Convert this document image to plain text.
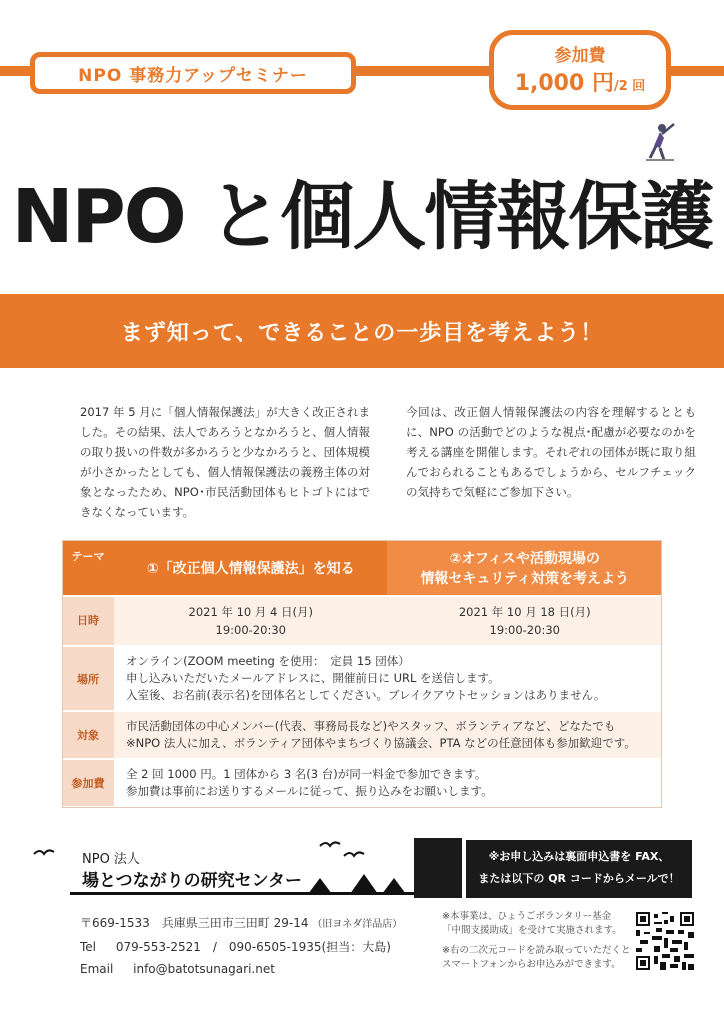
NPO 事務力アップセミナー
参加費
1,000 円/2 回
NPO と個人情報保護
まず知って、できることの一歩目を考えよう！

2017 年 5 月に「個人情報保護法」が大きく改正されました。その結果、法人であろうとなかろうと、個人情報の取り扱いの件数が多かろうと少なかろうと、団体規模が小さかったとしても、個人情報保護法の義務主体の対象となったため、NPO･市民活動団体もヒトゴトにはできなくなっています。

今回は、改正個人情報保護法の内容を理解するとともに、NPO の活動でどのような視点･配慮が必要なのかを考える講座を開催します。それぞれの団体が既に取り組んでおられることもあるでしょうから、セルフチェックの気持ちで気軽にご参加下さい。

テーマ	①「改正個人情報保護法」を知る	②オフィスや活動現場の
情報セキュリティ対策を考えよう
日時	2021 年 10 月 4 日(月)
19:00-20:30	2021 年 10 月 18 日(月)
19:00-20:30
場所	オンライン(ZOOM meeting を使用：　定員 15 団体）
申し込みいただいたメールアドレスに、開催前日に URL を送信します。
入室後、お名前(表示名)を団体名としてください。ブレイクアウトセッションはありません。	
対象	市民活動団体の中心メンバー(代表、事務局長など)やスタッフ、ボランティアなど、どなたでも
※NPO 法人に加え、ボランティア団体やまちづくり協議会、PTA などの任意団体も参加歓迎です。	
参加費	全 2 回 1000 円。1 団体から 3 名(3 台)が同一料金で参加できます。
参加費は事前にお送りするメールに従って、振り込みをお願いします。	
NPO 法人
場とつながりの研究センター
※お申し込みは裏面申込書を FAX、
または以下の QR コードからメールで！
〒669-1533　兵庫県三田市三田町 29-14 （旧ヨネダ洋品店）
Tel 079-553-2521　/　090-6505-1935(担当：大島)
Email info@batotsunagari.net

※本事業は、ひょうごボランタリー基金
「中間支援助成」を受けて実施されます。

※右の二次元コードを読み取っていただくと
スマートフォンからお申込みができます。
